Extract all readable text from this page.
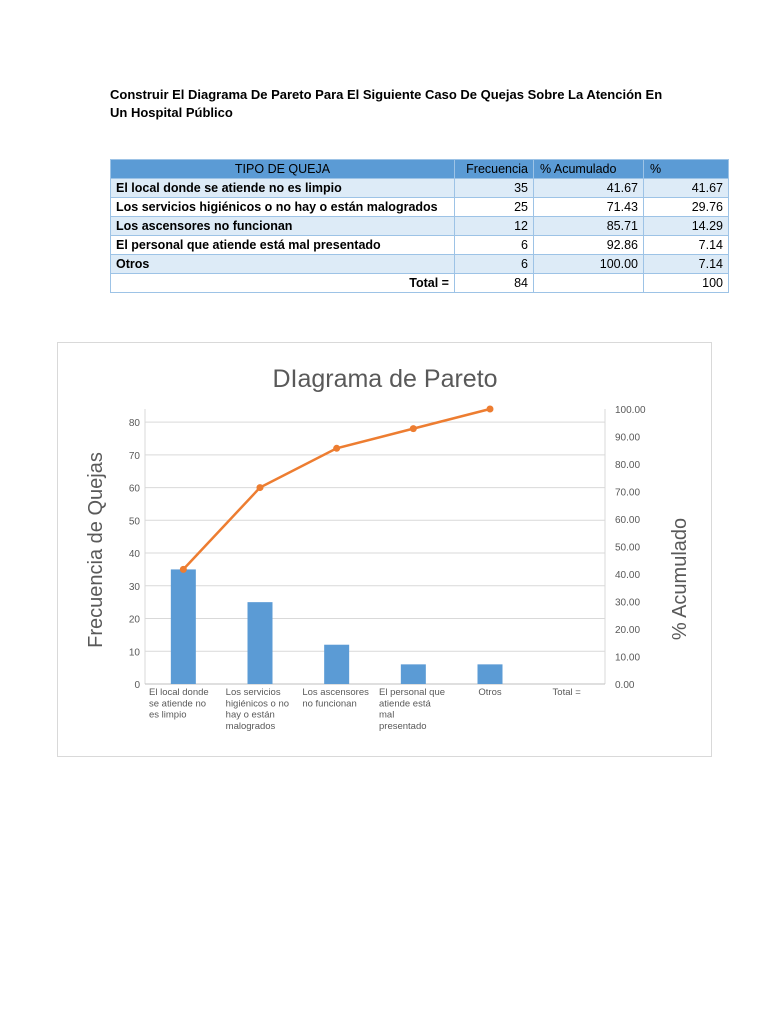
Construir El Diagrama De Pareto Para El Siguiente Caso De Quejas Sobre La Atención En Un Hospital Público
TIPO DE QUEJA	Frecuencia	% Acumulado	%
El local donde se atiende no es limpio	35	41.67	41.67
Los servicios higiénicos o no hay o están malogrados	25	71.43	29.76
Los ascensores no funcionan	12	85.71	14.29
El personal que atiende está mal presentado	6	92.86	7.14
Otros	6	100.00	7.14
Total =	84		100
DIagrama de Pareto
Frecuencia de Quejas	% Acumulado
0
10
20
30
40
50
60
70
80
0.00
10.00
20.00
30.00
40.00
50.00
60.00
70.00
80.00
90.00
100.00
El local donde se atiende no es limpio
Los servicios higiénicos o no hay o están malogrados
Los ascensores no funcionan
El personal que atiende está mal presentado
Otros	Total =
